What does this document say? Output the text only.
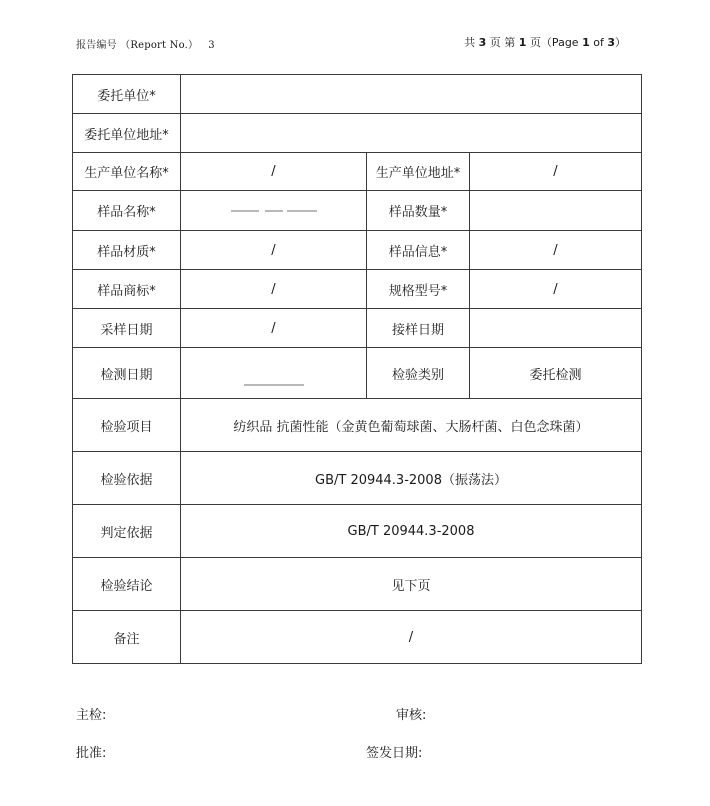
报告编号 （Report No.） 3	共 3 页 第 1 页（Page 1 of 3）
委托单位*			
委托单位地址*			
生产单位名称*	/	生产单位地址*	/
样品名称*		样品数量*	
样品材质*	/	样品信息*	/
样品商标*	/	规格型号*	/
采样日期	/	接样日期	
检测日期		检验类别	委托检测
检验项目	纺织品 抗菌性能（金黄色葡萄球菌、大肠杆菌、白色念珠菌）		
检验依据	GB/T 20944.3-2008（振荡法）		
判定依据	GB/T 20944.3-2008		
检验结论	见下页		
备注	/		
主检:	审核:
批准:	签发日期:
